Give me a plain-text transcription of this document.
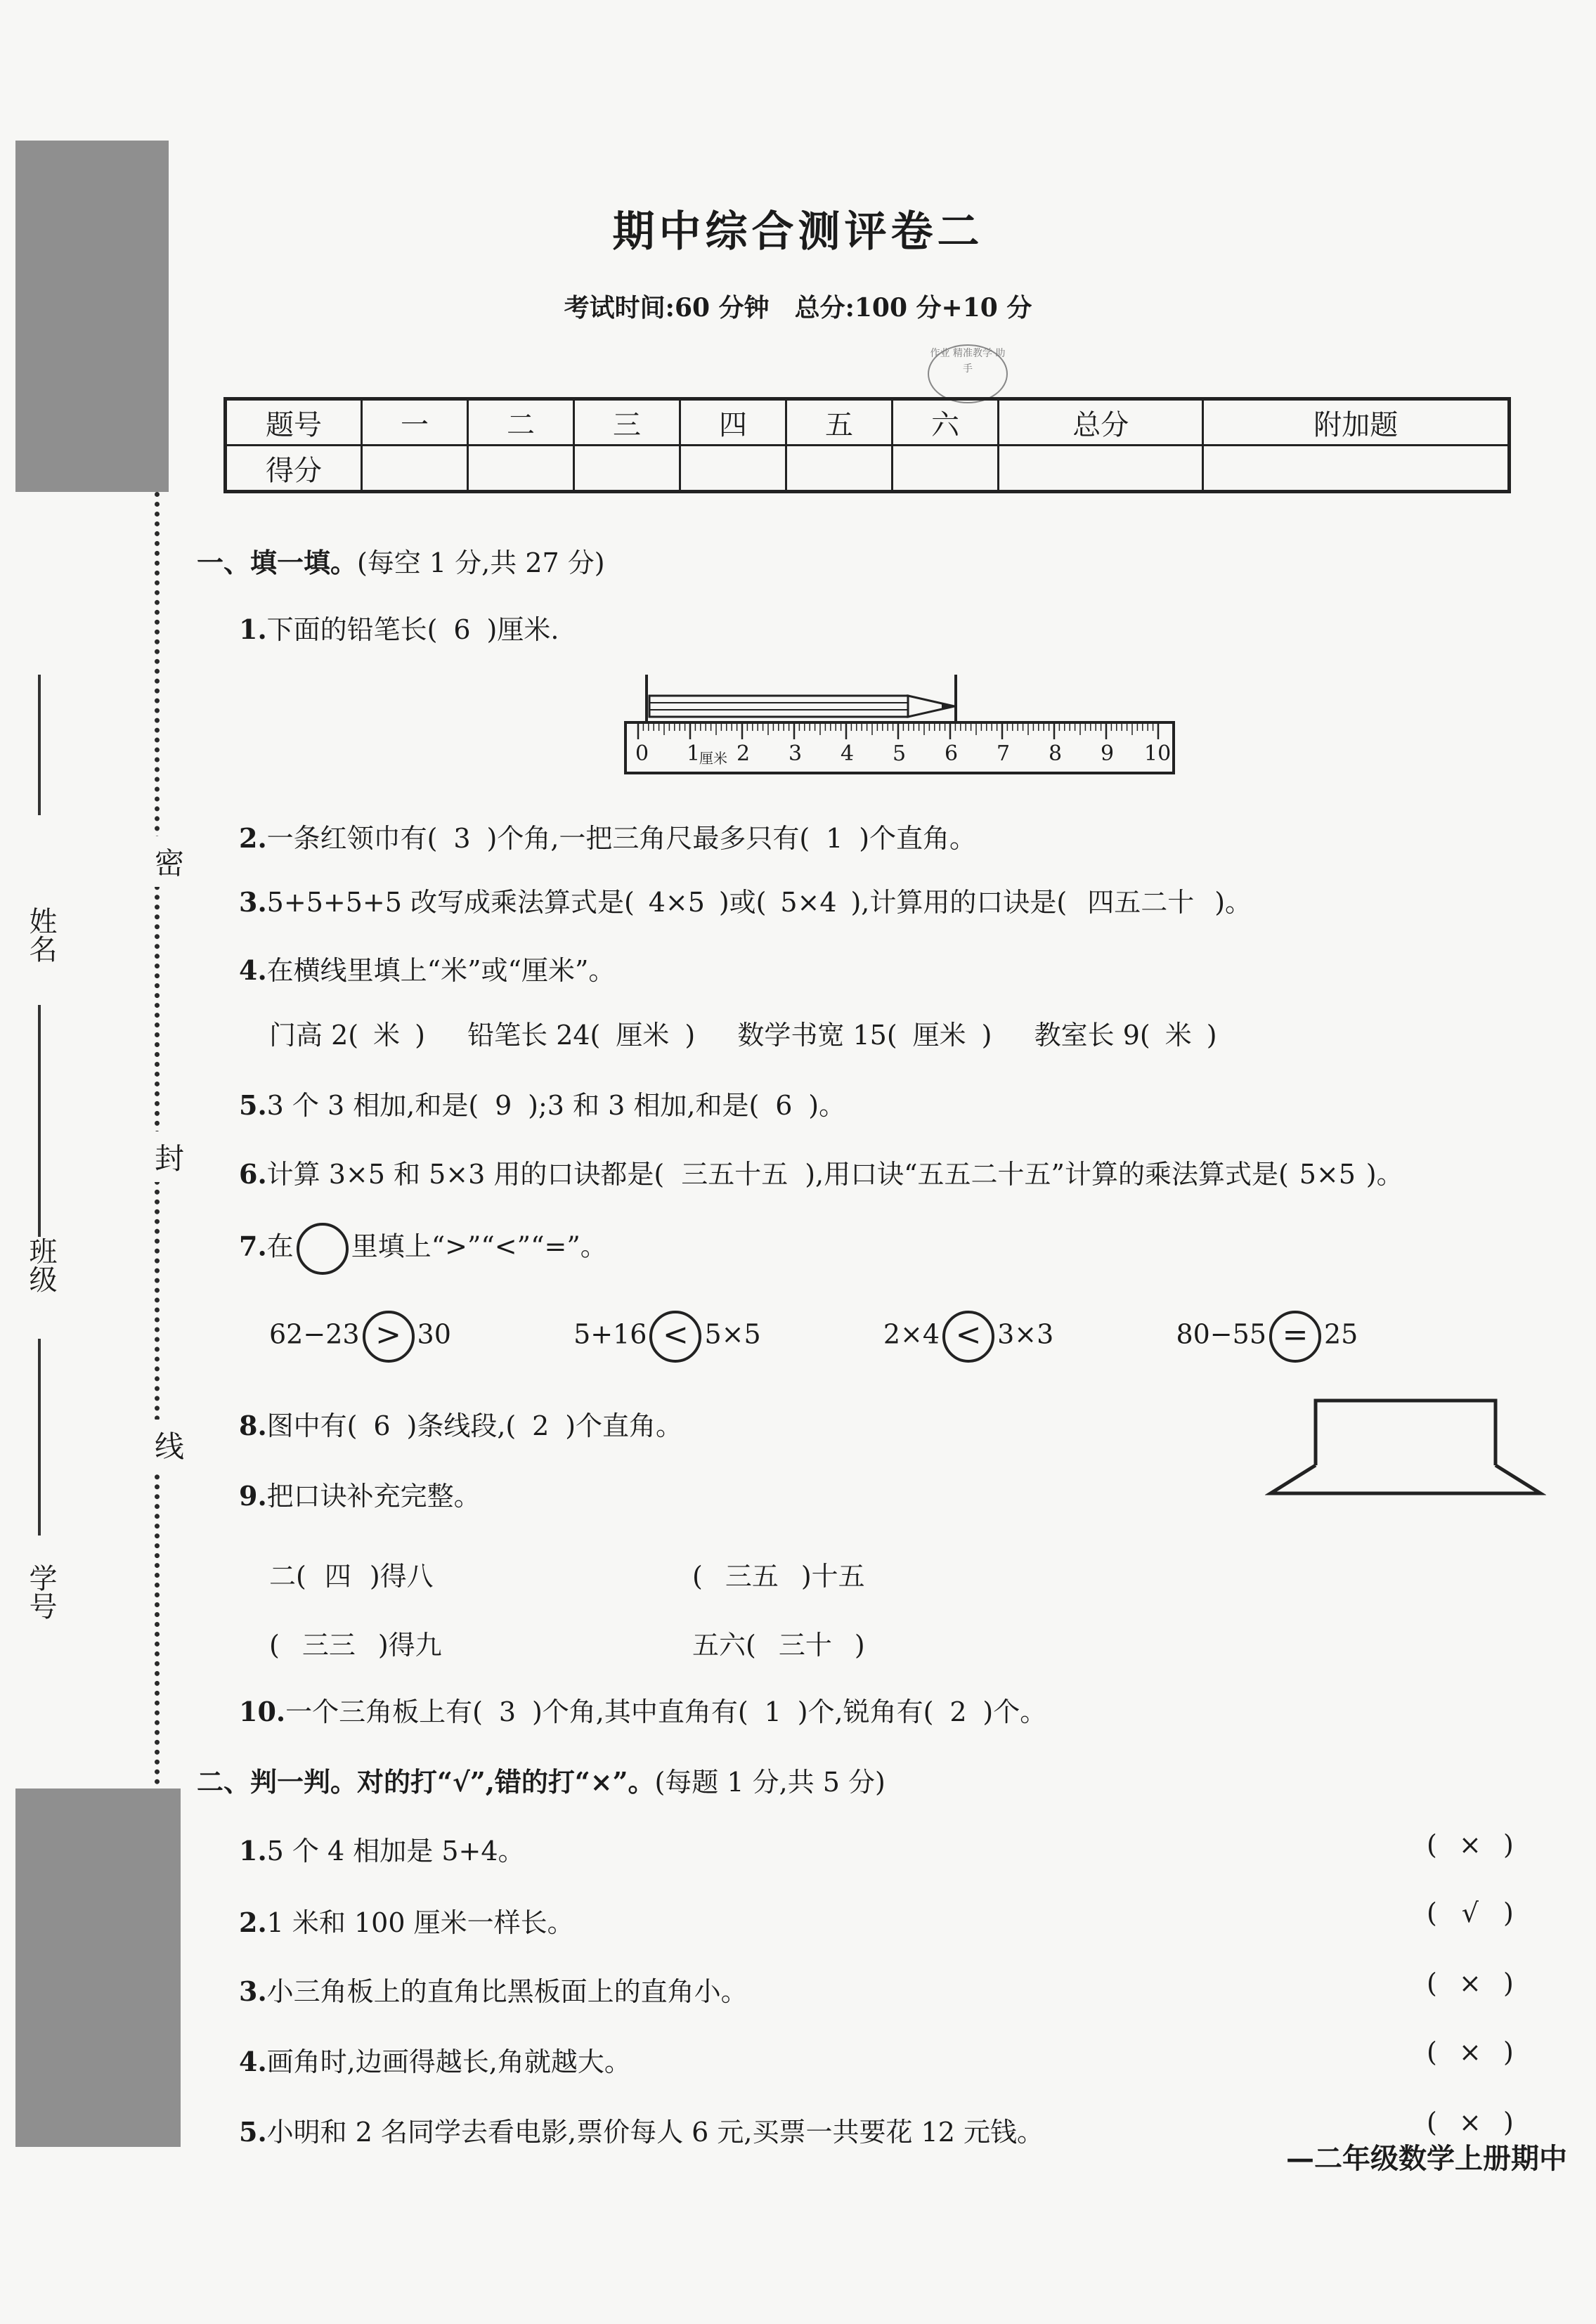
密
封
线
姓名
班级
学号
期中综合测评卷二
考试时间:60 分钟　总分:100 分+10 分
作业 精准教学 助手
题号	一	二	三	四	五	六	总分	附加题
得分								
一、填一填。(每空 1 分,共 27 分)
1.下面的铅笔长( 6 )厘米.
0 1
厘米 2 3 4 5 6 7 8 9 10
2.一条红领巾有( 3 )个角,一把三角尺最多只有( 1 )个直角。
3.5+5+5+5 改写成乘法算式是( 4×5 )或( 5×4 ),计算用的口诀是( 四五二十 )。
4.在横线里填上“米”或“厘米”。
门高 2( 米 ) 铅笔长 24( 厘米 ) 数学书宽 15( 厘米 ) 教室长 9( 米 )
5.3 个 3 相加,和是( 9 );3 和 3 相加,和是( 6 )。
6.计算 3×5 和 5×3 用的口诀都是( 三五十五 ),用口诀“五五二十五”计算的乘法算式是( 5×5 )。
7.在 里填上“>”“<”“=”。
62−23 > 30	5+16 < 5×5	2×4 < 3×3	80−55 = 25
8.图中有( 6 )条线段,( 2 )个直角。
9.把口诀补充完整。
二( 四 )得八	( 三五 )十五
( 三三 )得九	五六( 三十 )
10.一个三角板上有( 3 )个角,其中直角有( 1 )个,锐角有( 2 )个。
二、判一判。对的打“√”,错的打“×”。(每题 1 分,共 5 分)
1.5 个 4 相加是 5+4。	( × )
2.1 米和 100 厘米一样长。	( √ )
3.小三角板上的直角比黑板面上的直角小。	( × )
4.画角时,边画得越长,角就越大。	( × )
5.小明和 2 名同学去看电影,票价每人 6 元,买票一共要花 12 元钱。	( × )
—二年级数学上册期中
